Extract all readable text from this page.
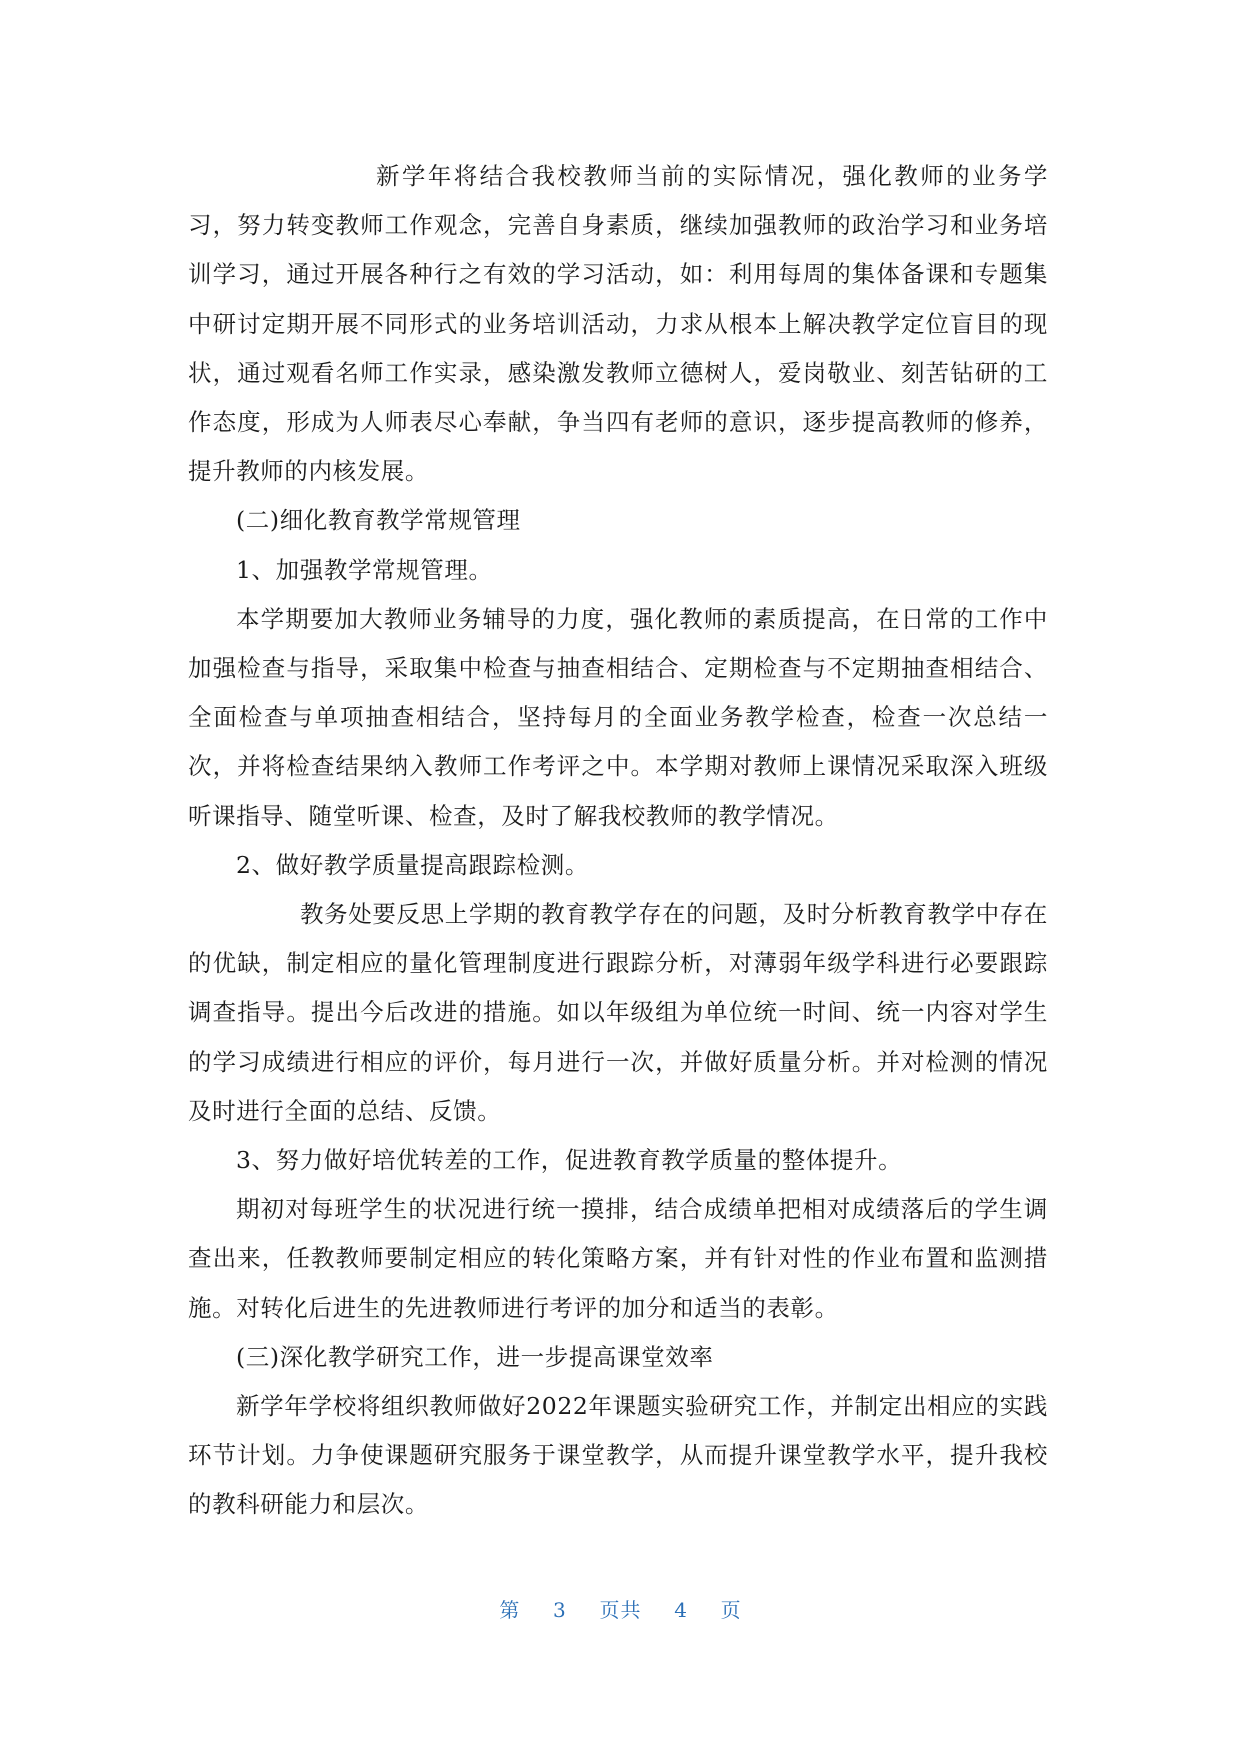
新学年将结合我校教师当前的实际情况，强化教师的业务学习，努力转变教师工作观念，完善自身素质，继续加强教师的政治学习和业务培训学习，通过开展各种行之有效的学习活动，如：利用每周的集体备课和专题集中研讨定期开展不同形式的业务培训活动，力求从根本上解决教学定位盲目的现状，通过观看名师工作实录，感染激发教师立德树人，爱岗敬业、刻苦钻研的工作态度，形成为人师表尽心奉献，争当四有老师的意识，逐步提高教师的修养，提升教师的内核发展。

(二)细化教育教学常规管理

1、加强教学常规管理。

本学期要加大教师业务辅导的力度，强化教师的素质提高，在日常的工作中加强检查与指导，采取集中检查与抽查相结合、定期检查与不定期抽查相结合、全面检查与单项抽查相结合，坚持每月的全面业务教学检查，检查一次总结一次，并将检查结果纳入教师工作考评之中。本学期对教师上课情况采取深入班级听课指导、随堂听课、检查，及时了解我校教师的教学情况。

2、做好教学质量提高跟踪检测。

教务处要反思上学期的教育教学存在的问题，及时分析教育教学中存在的优缺，制定相应的量化管理制度进行跟踪分析，对薄弱年级学科进行必要跟踪调查指导。提出今后改进的措施。如以年级组为单位统一时间、统一内容对学生的学习成绩进行相应的评价，每月进行一次，并做好质量分析。并对检测的情况及时进行全面的总结、反馈。

3、努力做好培优转差的工作，促进教育教学质量的整体提升。

期初对每班学生的状况进行统一摸排，结合成绩单把相对成绩落后的学生调查出来，任教教师要制定相应的转化策略方案，并有针对性的作业布置和监测措施。对转化后进生的先进教师进行考评的加分和适当的表彰。

(三)深化教学研究工作，进一步提高课堂效率

新学年学校将组织教师做好2022年课题实验研究工作，并制定出相应的实践环节计划。力争使课题研究服务于课堂教学，从而提升课堂教学水平，提升我校的教科研能力和层次。

第 3 页共 4 页
